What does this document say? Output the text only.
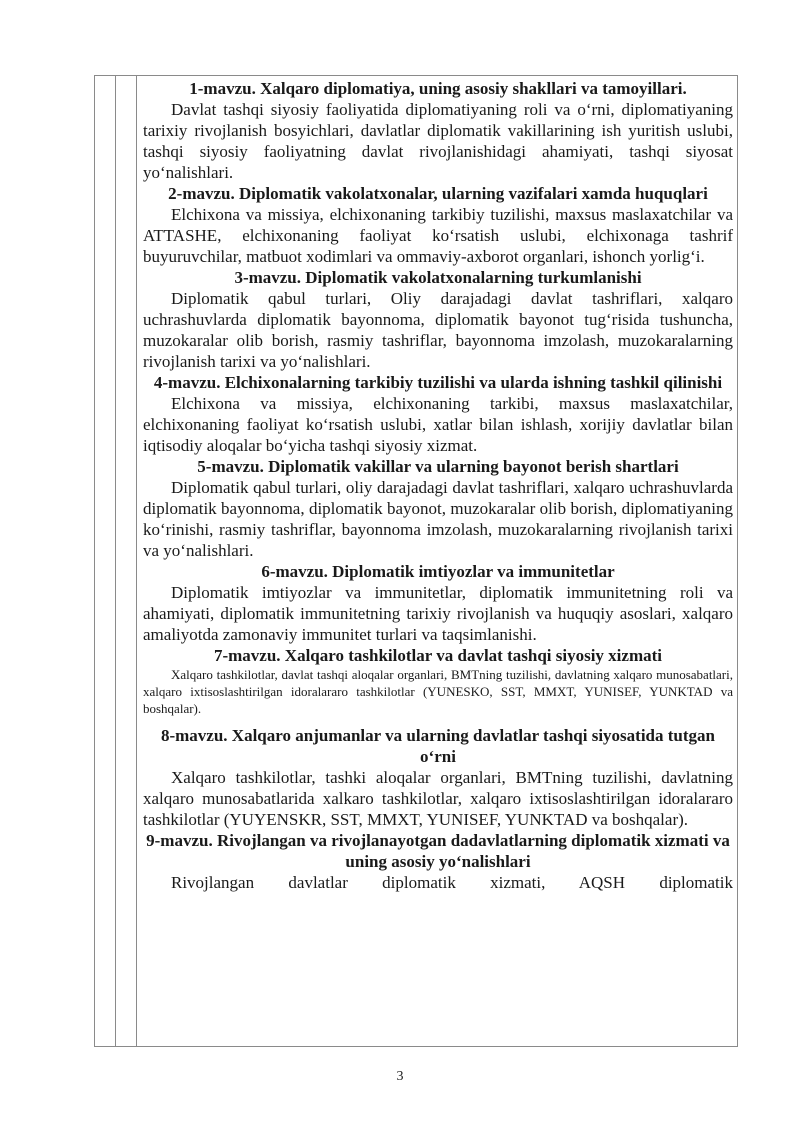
1-mavzu. Xalqaro diplomatiya, uning asosiy shakllari va tamoyillari.

Davlat tashqi siyosiy faoliyatida diplomatiyaning roli va o‘rni, diplomatiyaning tarixiy rivojlanish bosyichlari, davlatlar diplomatik vakillarining ish yuritish uslubi, tashqi siyosiy faoliyatning davlat rivojlanishidagi ahamiyati, tashqi siyosat yo‘nalishlari.

2-mavzu. Diplomatik vakolatxonalar, ularning vazifalari xamda huquqlari

Elchixona va missiya, elchixonaning tarkibiy tuzilishi, maxsus maslaxatchilar va ATTASHE, elchixonaning faoliyat ko‘rsatish uslubi, elchixonaga tashrif buyuruvchilar, matbuot xodimlari va ommaviy-axborot organlari, ishonch yorlig‘i.

3-mavzu. Diplomatik vakolatxonalarning turkumlanishi

Diplomatik qabul turlari, Oliy darajadagi davlat tashriflari, xalqaro uchrashuvlarda diplomatik bayonnoma, diplomatik bayonot tug‘risida tushuncha, muzokaralar olib borish, rasmiy tashriflar, bayonnoma imzolash, muzokaralarning rivojlanish tarixi va yo‘nalishlari.

4-mavzu. Elchixonalarning tarkibiy tuzilishi va ularda ishning tashkil qilinishi

Elchixona va missiya, elchixonaning tarkibi, maxsus maslaxatchilar, elchixonaning faoliyat ko‘rsatish uslubi, xatlar bilan ishlash, xorijiy davlatlar bilan iqtisodiy aloqalar bo‘yicha tashqi siyosiy xizmat.

5-mavzu. Diplomatik vakillar va ularning bayonot berish shartlari

Diplomatik qabul turlari, oliy darajadagi davlat tashriflari, xalqaro uchrashuvlarda diplomatik bayonnoma, diplomatik bayonot, muzokaralar olib borish, diplomatiyaning ko‘rinishi, rasmiy tashriflar, bayonnoma imzolash, muzokaralarning rivojlanish tarixi va yo‘nalishlari.

6-mavzu. Diplomatik imtiyozlar va immunitetlar

Diplomatik imtiyozlar va immunitetlar, diplomatik immunitetning roli va ahamiyati, diplomatik immunitetning tarixiy rivojlanish va huquqiy asoslari, xalqaro amaliyotda zamonaviy immunitet turlari va taqsimlanishi.

7-mavzu. Xalqaro tashkilotlar va davlat tashqi siyosiy xizmati

Xalqaro tashkilotlar, davlat tashqi aloqalar organlari, BMTning tuzilishi, davlatning xalqaro munosabatlari, xalqaro ixtisoslashtirilgan idoralararo tashkilotlar (YUNESKO, SST, MMXT, YUNISEF, YUNKTAD va boshqalar).

8-mavzu. Xalqaro anjumanlar va ularning davlatlar tashqi siyosatida tutgan o‘rni

Xalqaro tashkilotlar, tashki aloqalar organlari, BMTning tuzilishi, davlatning xalqaro munosabatlarida xalkaro tashkilotlar, xalqaro ixtisoslashtirilgan idoralararo tashkilotlar (YUYENSKR, SST, MMXT, YUNISEF, YUNKTAD va boshqalar).

9-mavzu. Rivojlangan va rivojlanayotgan dadavlatlarning diplomatik xizmati va uning asosiy yo‘nalishlari

Rivojlangan davlatlar diplomatik xizmati, AQSH diplomatik

3
